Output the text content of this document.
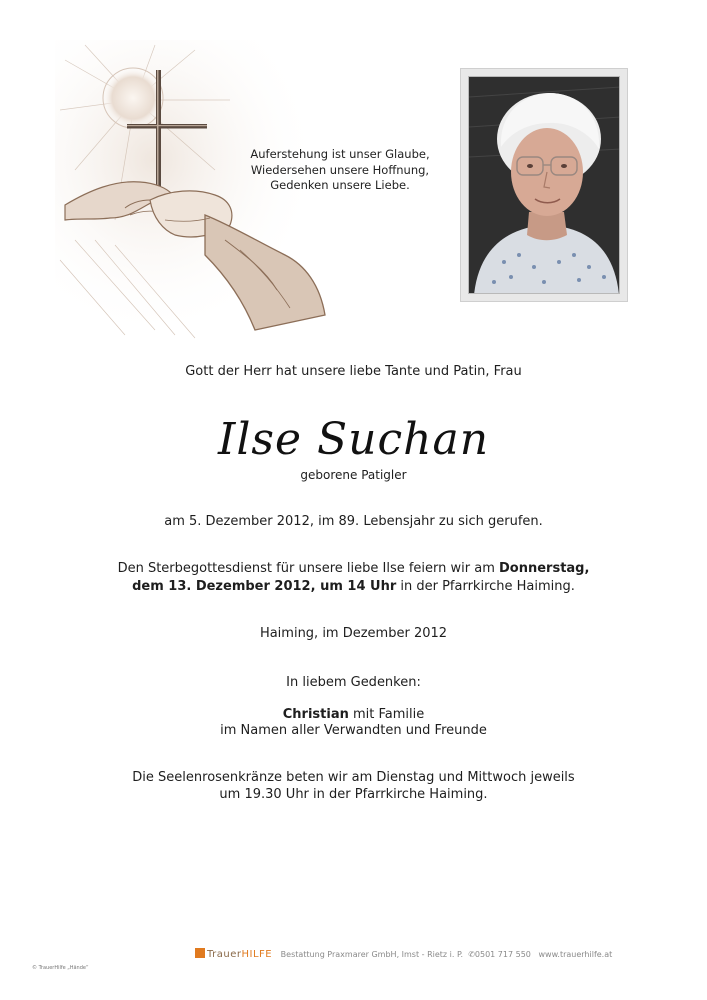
Auferstehung ist unser Glaube,
Wiedersehen unsere Hoffnung,
Gedenken unsere Liebe.
Gott der Herr hat unsere liebe Tante und Patin, Frau
Ilse Suchan
geborene Patigler
am 5. Dezember 2012, im 89. Lebensjahr zu sich gerufen.
Den Sterbegottesdienst für unsere liebe Ilse feiern wir am Donnerstag,
dem 13. Dezember 2012, um 14 Uhr in der Pfarrkirche Haiming.
Haiming, im Dezember 2012
In liebem Gedenken:
Christian mit Familie
im Namen aller Verwandten und Freunde
Die Seelenrosenkränze beten wir am Dienstag und Mittwoch jeweils
um 19.30 Uhr in der Pfarrkirche Haiming.
TrauerHILFE Bestattung Praxmarer GmbH, Imst - Rietz i. P. ✆0501 717 550 www.trauerhilfe.at
© TrauerHilfe „Hände“
